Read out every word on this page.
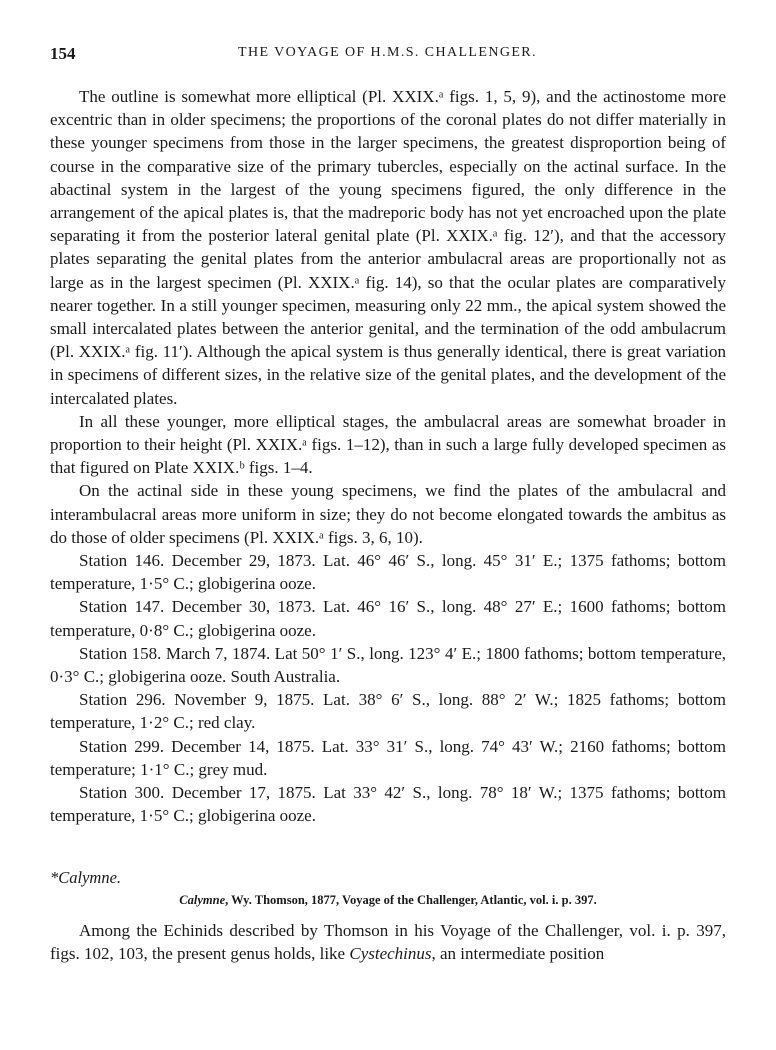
154	THE VOYAGE OF H.M.S. CHALLENGER.

The outline is somewhat more elliptical (Pl. XXIX.ᵃ figs. 1, 5, 9), and the actinostome more excentric than in older specimens; the proportions of the coronal plates do not differ materially in these younger specimens from those in the larger specimens, the greatest disproportion being of course in the comparative size of the primary tubercles, especially on the actinal surface. In the abactinal system in the largest of the young specimens figured, the only difference in the arrangement of the apical plates is, that the madreporic body has not yet encroached upon the plate separating it from the posterior lateral genital plate (Pl. XXIX.ᵃ fig. 12′), and that the accessory plates separating the genital plates from the anterior ambulacral areas are proportionally not as large as in the largest specimen (Pl. XXIX.ᵃ fig. 14), so that the ocular plates are comparatively nearer together. In a still younger specimen, measuring only 22 mm., the apical system showed the small intercalated plates between the anterior genital, and the termination of the odd ambulacrum (Pl. XXIX.ᵃ fig. 11′). Although the apical system is thus generally identical, there is great variation in specimens of different sizes, in the relative size of the genital plates, and the development of the intercalated plates.

In all these younger, more elliptical stages, the ambulacral areas are somewhat broader in proportion to their height (Pl. XXIX.ᵃ figs. 1–12), than in such a large fully developed specimen as that figured on Plate XXIX.ᵇ figs. 1–4.

On the actinal side in these young specimens, we find the plates of the ambulacral and interambulacral areas more uniform in size; they do not become elongated towards the ambitus as do those of older specimens (Pl. XXIX.ᵃ figs. 3, 6, 10).

Station 146. December 29, 1873. Lat. 46° 46′ S., long. 45° 31′ E.; 1375 fathoms; bottom temperature, 1·5° C.; globigerina ooze.

Station 147. December 30, 1873. Lat. 46° 16′ S., long. 48° 27′ E.; 1600 fathoms; bottom temperature, 0·8° C.; globigerina ooze.

Station 158. March 7, 1874. Lat 50° 1′ S., long. 123° 4′ E.; 1800 fathoms; bottom temperature, 0·3° C.; globigerina ooze. South Australia.

Station 296. November 9, 1875. Lat. 38° 6′ S., long. 88° 2′ W.; 1825 fathoms; bottom temperature, 1·2° C.; red clay.

Station 299. December 14, 1875. Lat. 33° 31′ S., long. 74° 43′ W.; 2160 fathoms; bottom temperature; 1·1° C.; grey mud.

Station 300. December 17, 1875. Lat 33° 42′ S., long. 78° 18′ W.; 1375 fathoms; bottom temperature, 1·5° C.; globigerina ooze.

*Calymne.

Calymne, Wy. Thomson, 1877, Voyage of the Challenger, Atlantic, vol. i. p. 397.

Among the Echinids described by Thomson in his Voyage of the Challenger, vol. i. p. 397, figs. 102, 103, the present genus holds, like Cystechinus, an intermediate position
